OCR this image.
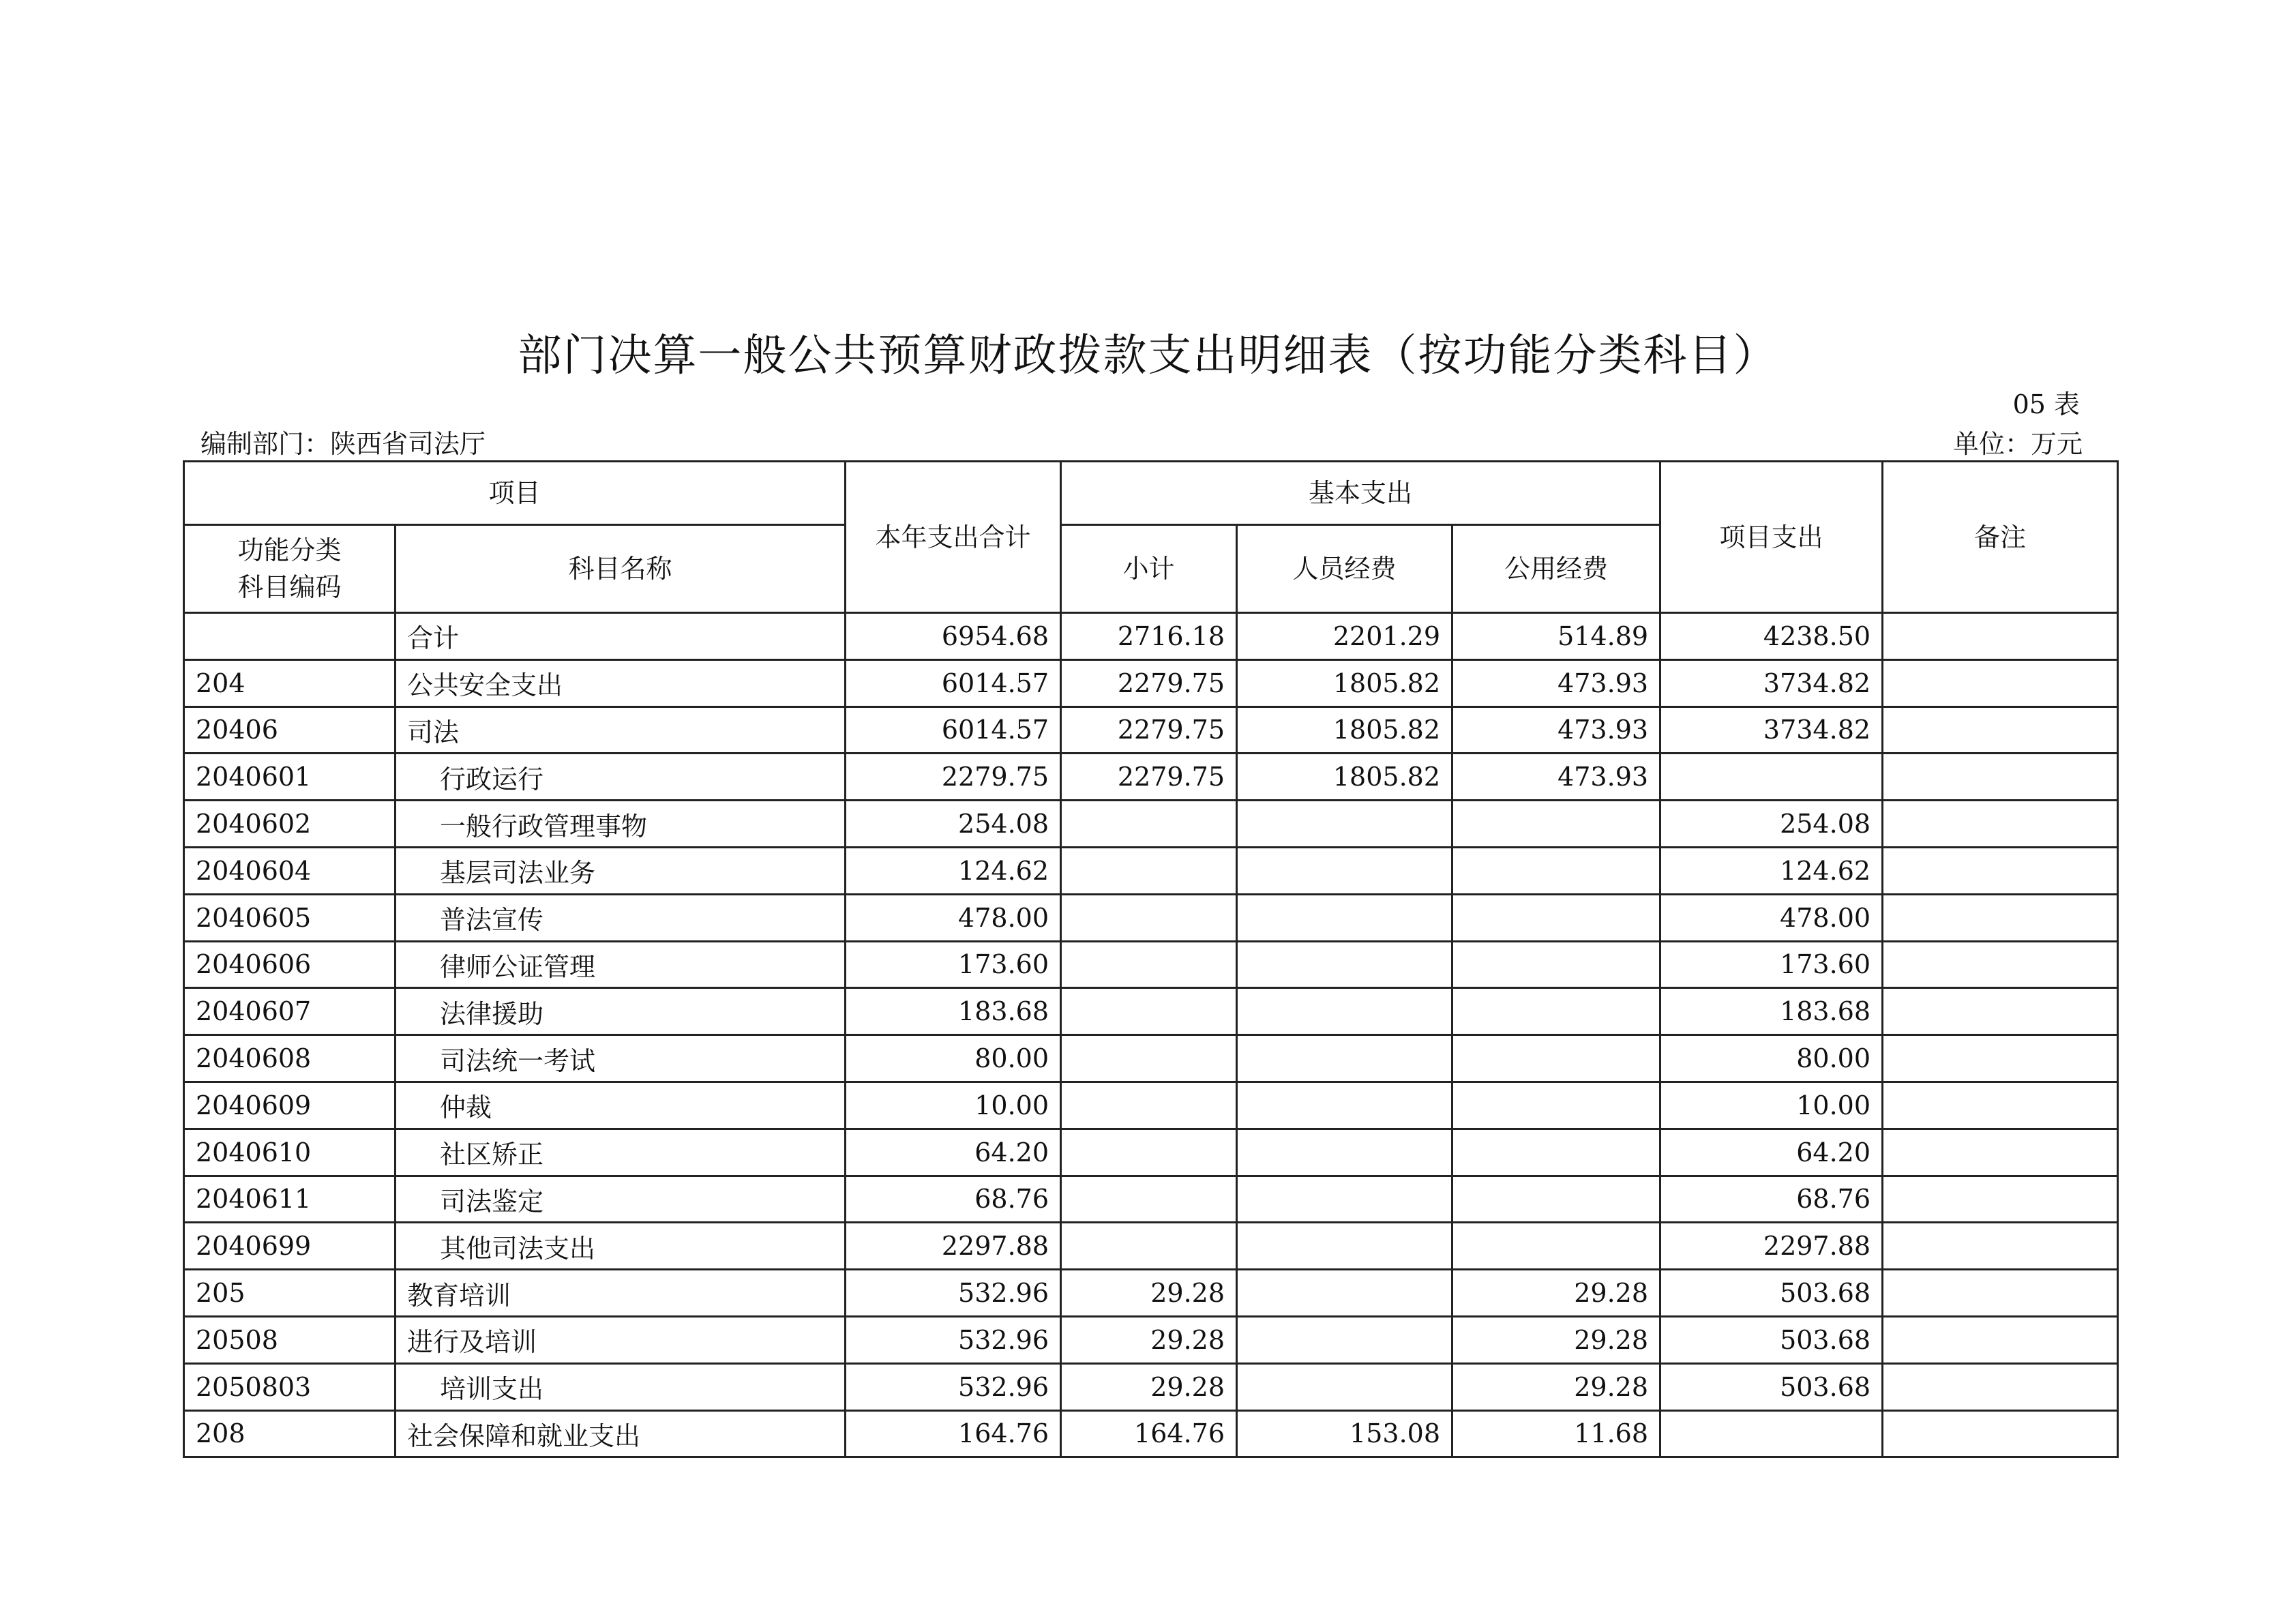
部门决算一般公共预算财政拨款支出明细表（按功能分类科目）
05 表
编制部门：陕西省司法厅	单位：万元
项目		本年支出合计	基本支出			项目支出	备注

功能分类
科目编码	科目名称		小计	人员经费	公用经费		
	合计	6954.68	2716.18	2201.29	514.89	4238.50	
204	公共安全支出	6014.57	2279.75	1805.82	473.93	3734.82	
20406	司法	6014.57	2279.75	1805.82	473.93	3734.82	
2040601	行政运行	2279.75	2279.75	1805.82	473.93		
2040602	一般行政管理事物	254.08				254.08	
2040604	基层司法业务	124.62				124.62	
2040605	普法宣传	478.00				478.00	
2040606	律师公证管理	173.60				173.60	
2040607	法律援助	183.68				183.68	
2040608	司法统一考试	80.00				80.00	
2040609	仲裁	10.00				10.00	
2040610	社区矫正	64.20				64.20	
2040611	司法鉴定	68.76				68.76	
2040699	其他司法支出	2297.88				2297.88	
205	教育培训	532.96	29.28		29.28	503.68	
20508	进行及培训	532.96	29.28		29.28	503.68	
2050803	培训支出	532.96	29.28		29.28	503.68	
208	社会保障和就业支出	164.76	164.76	153.08	11.68		
